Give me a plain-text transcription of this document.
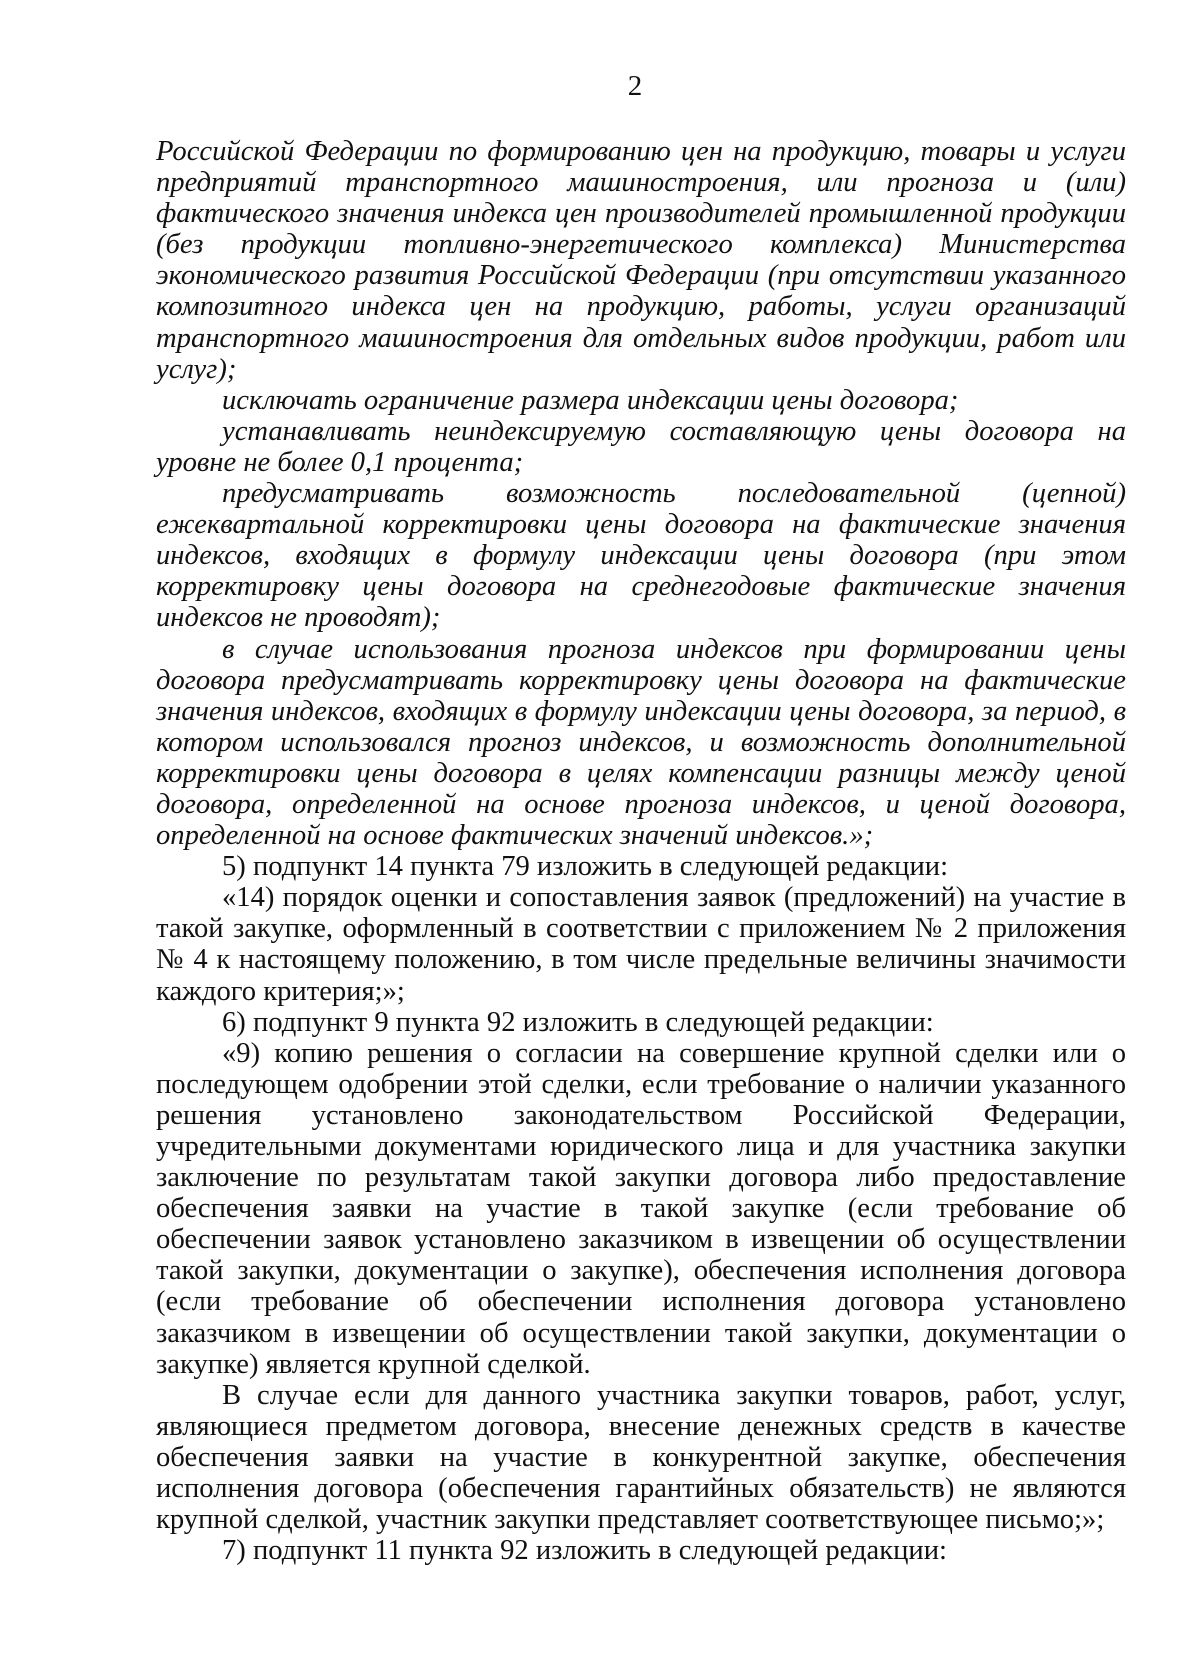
2

Российской Федерации по формированию цен на продукцию, товары и услуги предприятий транспортного машиностроения, или прогноза и (или) фактического значения индекса цен производителей промышленной продукции (без продукции топливно-энергетического комплекса) Министерства экономического развития Российской Федерации (при отсутствии указанного композитного индекса цен на продукцию, работы, услуги организаций транспортного машиностроения для отдельных видов продукции, работ или услуг);

исключать ограничение размера индексации цены договора;

устанавливать неиндексируемую составляющую цены договора на уровне не более 0,1 процента;

предусматривать возможность последовательной (цепной) ежеквартальной корректировки цены договора на фактические значения индексов, входящих в формулу индексации цены договора (при этом корректировку цены договора на среднегодовые фактические значения индексов не проводят);

в случае использования прогноза индексов при формировании цены договора предусматривать корректировку цены договора на фактические значения индексов, входящих в формулу индексации цены договора, за период, в котором использовался прогноз индексов, и возможность дополнительной корректировки цены договора в целях компенсации разницы между ценой договора, определенной на основе прогноза индексов, и ценой договора, определенной на основе фактических значений индексов.»;

5) подпункт 14 пункта 79 изложить в следующей редакции:

«14) порядок оценки и сопоставления заявок (предложений) на участие в такой закупке, оформленный в соответствии с приложением № 2 приложения № 4 к настоящему положению, в том числе предельные величины значимости каждого критерия;»;

6) подпункт 9 пункта 92 изложить в следующей редакции:

«9) копию решения о согласии на совершение крупной сделки или о последующем одобрении этой сделки, если требование о наличии указанного решения установлено законодательством Российской Федерации, учредительными документами юридического лица и для участника закупки заключение по результатам такой закупки договора либо предоставление обеспечения заявки на участие в такой закупке (если требование об обеспечении заявок установлено заказчиком в извещении об осуществлении такой закупки, документации о закупке), обеспечения исполнения договора (если требование об обеспечении исполнения договора установлено заказчиком в извещении об осуществлении такой закупки, документации о закупке) является крупной сделкой.

В случае если для данного участника закупки товаров, работ, услуг, являющиеся предметом договора, внесение денежных средств в качестве обеспечения заявки на участие в конкурентной закупке, обеспечения исполнения договора (обеспечения гарантийных обязательств) не являются крупной сделкой, участник закупки представляет соответствующее письмо;»;

7) подпункт 11 пункта 92 изложить в следующей редакции:
